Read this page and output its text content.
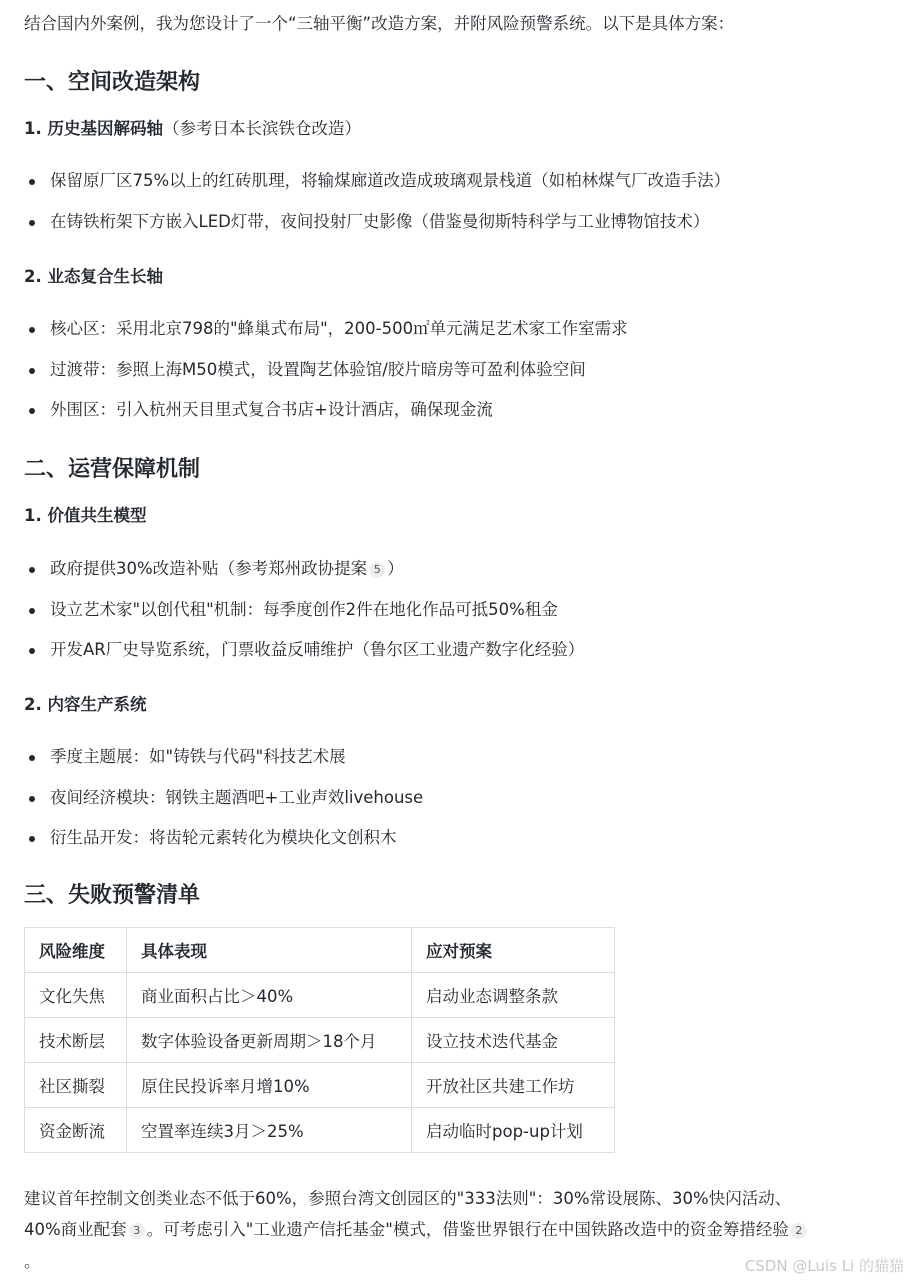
结合国内外案例，我为您设计了一个“三轴平衡”改造方案，并附风险预警系统。以下是具体方案：
一、空间改造架构
1. 历史基因解码轴（参考日本长滨铁仓改造）
保留原厂区75%以上的红砖肌理，将输煤廊道改造成玻璃观景栈道（如柏林煤气厂改造手法）
在铸铁桁架下方嵌入LED灯带，夜间投射厂史影像（借鉴曼彻斯特科学与工业博物馆技术）
2. 业态复合生长轴
核心区：采用北京798的"蜂巢式布局"，200-500㎡单元满足艺术家工作室需求
过渡带：参照上海M50模式，设置陶艺体验馆/胶片暗房等可盈利体验空间
外围区：引入杭州天目里式复合书店+设计酒店，确保现金流
二、运营保障机制
1. 价值共生模型
政府提供30%改造补贴（参考郑州政协提案 5 ）
设立艺术家"以创代租"机制：每季度创作2件在地化作品可抵50%租金
开发AR厂史导览系统，门票收益反哺维护（鲁尔区工业遗产数字化经验）
2. 内容生产系统
季度主题展：如"铸铁与代码"科技艺术展
夜间经济模块：钢铁主题酒吧+工业声效livehouse
衍生品开发：将齿轮元素转化为模块化文创积木
三、失败预警清单
风险维度	具体表现	应对预案
文化失焦	商业面积占比＞40%	启动业态调整条款
技术断层	数字体验设备更新周期＞18个月	设立技术迭代基金
社区撕裂	原住民投诉率月增10%	开放社区共建工作坊
资金断流	空置率连续3月＞25%	启动临时pop-up计划

建议首年控制文创类业态不低于60%，参照台湾文创园区的"333法则"：30%常设展陈、30%快闪活动、

40%商业配套 3 。可考虑引入"工业遗产信托基金"模式，借鉴世界银行在中国铁路改造中的资金筹措经验 2

。	CSDN @Luis Li 的猫猫
